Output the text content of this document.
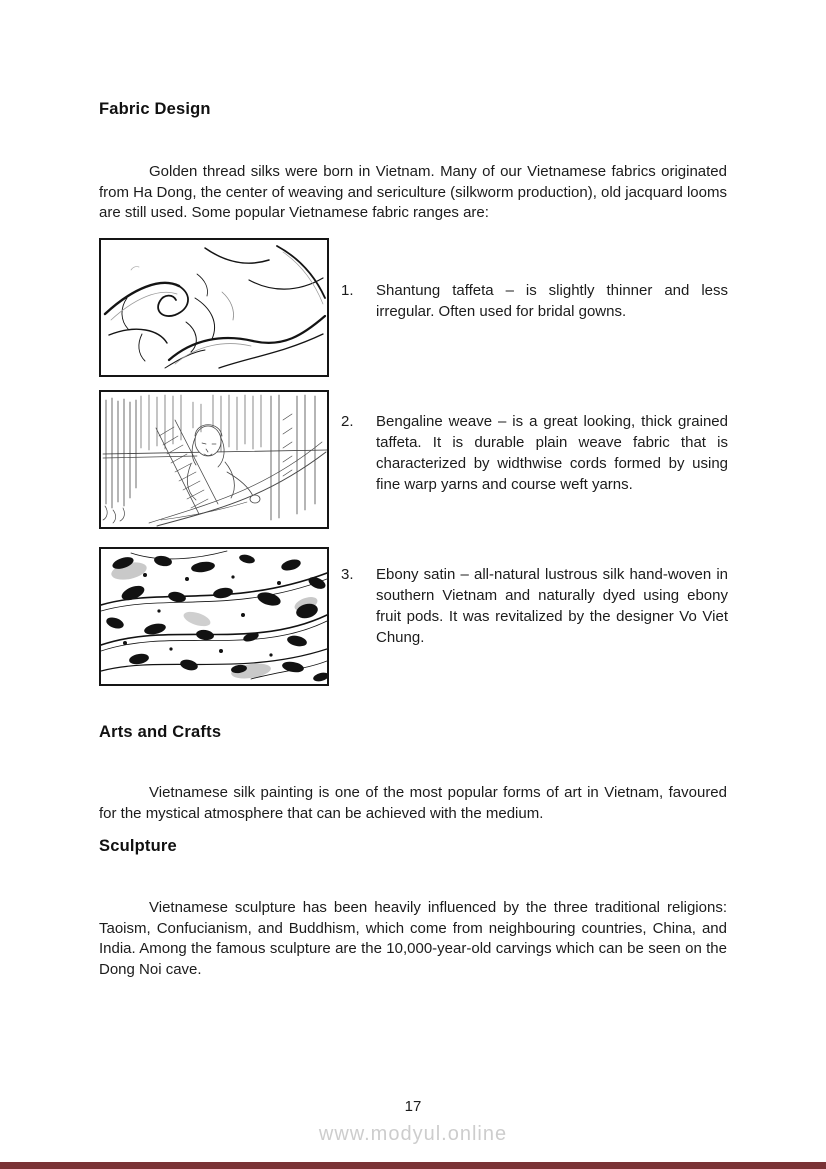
Fabric Design

Golden thread silks were born in Vietnam. Many of our Vietnamese fabrics originated from Ha Dong, the center of weaving and sericulture (silkworm production), old jacquard looms are still used. Some popular Vietnamese fabric ranges are:

1.	Shantung taffeta – is slightly thinner and less irregular. Often used for bridal gowns.
2.	Bengaline weave – is a great looking, thick grained taffeta. It is durable plain weave fabric that is characterized by widthwise cords formed by using fine warp yarns and course weft yarns.
3.	Ebony satin – all-natural lustrous silk hand-woven in southern Vietnam and naturally dyed using ebony fruit pods. It was revitalized by the designer Vo Viet Chung.
Arts and Crafts

Vietnamese silk painting is one of the most popular forms of art in Vietnam, favoured for the mystical atmosphere that can be achieved with the medium.

Sculpture

Vietnamese sculpture has been heavily influenced by the three traditional religions: Taoism, Confucianism, and Buddhism, which come from neighbouring countries, China, and India. Among the famous sculpture are the 10,000-year-old carvings which can be seen on the Dong Noi cave.

17
www.modyul.online
